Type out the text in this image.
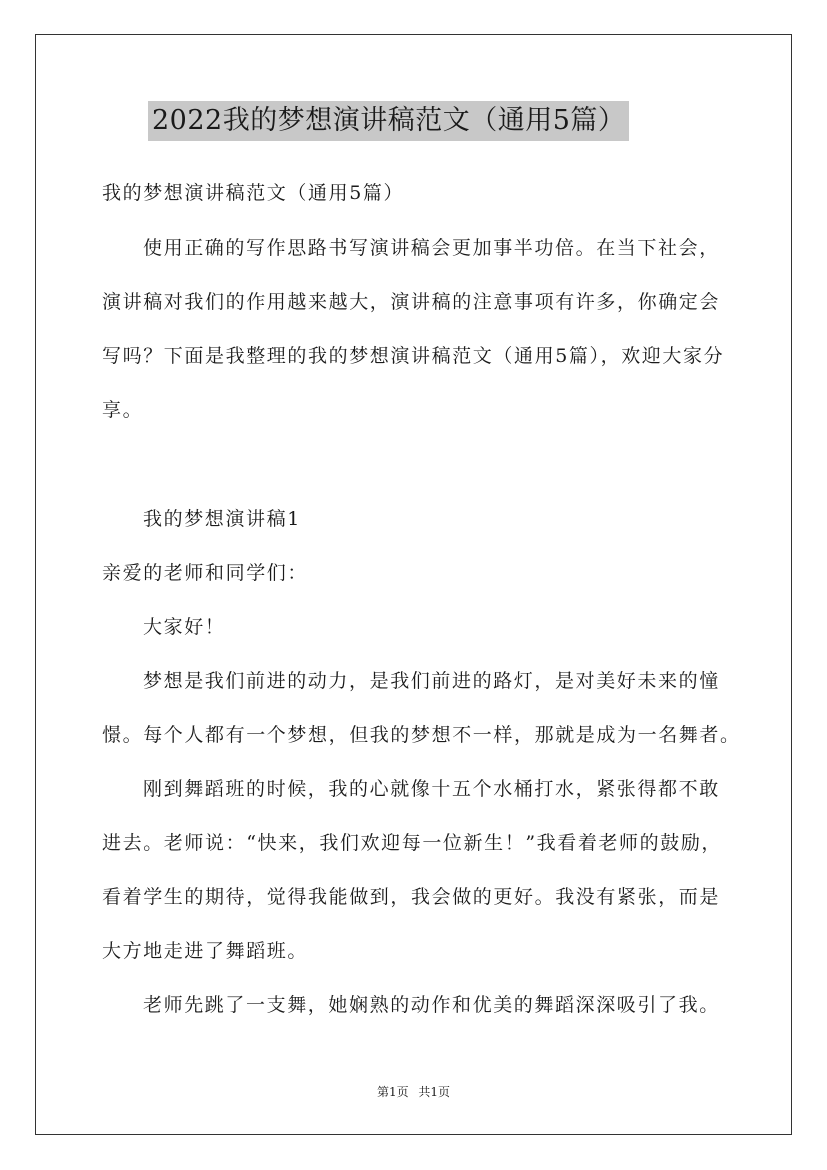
2022我的梦想演讲稿范文（通用5篇）
我的梦想演讲稿范文（通用5篇）
使用正确的写作思路书写演讲稿会更加事半功倍。在当下社会，
演讲稿对我们的作用越来越大，演讲稿的注意事项有许多，你确定会
写吗？下面是我整理的我的梦想演讲稿范文（通用5篇），欢迎大家分
享。
我的梦想演讲稿1
亲爱的老师和同学们：
大家好！
梦想是我们前进的动力，是我们前进的路灯，是对美好未来的憧
憬。每个人都有一个梦想，但我的梦想不一样，那就是成为一名舞者。
刚到舞蹈班的时候，我的心就像十五个水桶打水，紧张得都不敢
进去。老师说：“快来，我们欢迎每一位新生！”我看着老师的鼓励，
看着学生的期待，觉得我能做到，我会做的更好。我没有紧张，而是
大方地走进了舞蹈班。
老师先跳了一支舞，她娴熟的动作和优美的舞蹈深深吸引了我。
第1页 共1页
